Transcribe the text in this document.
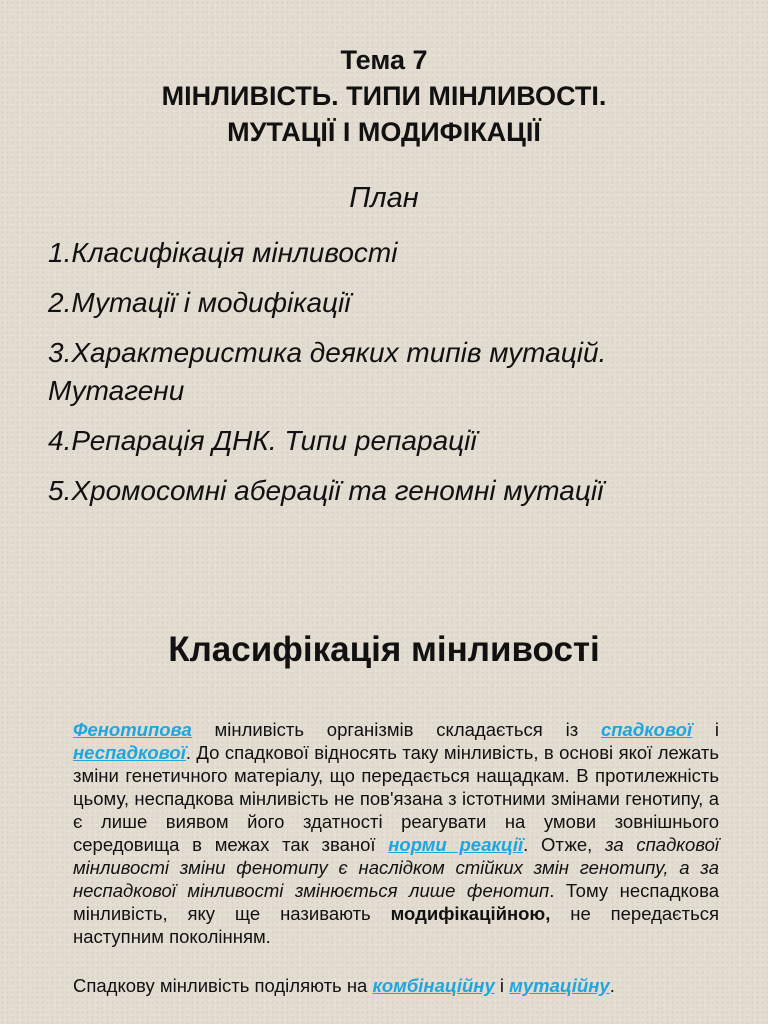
Тема 7
МІНЛИВІСТЬ. ТИПИ МІНЛИВОСТІ.
МУТАЦІЇ І МОДИФІКАЦІЇ
План
1.Класифікація мінливості
2.Мутації і модифікації
3.Характеристика деяких типів мутацій. Мутагени
4.Репарація ДНК. Типи репарації
5.Хромосомні аберації та геномні мутації
Класифікація мінливості

Фенотипова мінливість організмів складається із спадкової і неспадкової. До спадкової відносять таку мінливість, в основі якої лежать зміни генетичного матеріалу, що передається нащадкам. В протилежність цьому, неспадкова мінливість не пов'язана з істотними змінами генотипу, а є лише виявом його здатності реагувати на умови зовнішнього середовища в межах так званої норми реакції. Отже, за спадкової мінливості зміни фенотипу є наслідком стійких змін генотипу, а за неспадкової мінливості змінюється лише фенотип. Тому неспадкова мінливість, яку ще називають модифікаційною, не передається наступним поколінням.

Спадкову мінливість поділяють на комбінаційну і мутаційну.
